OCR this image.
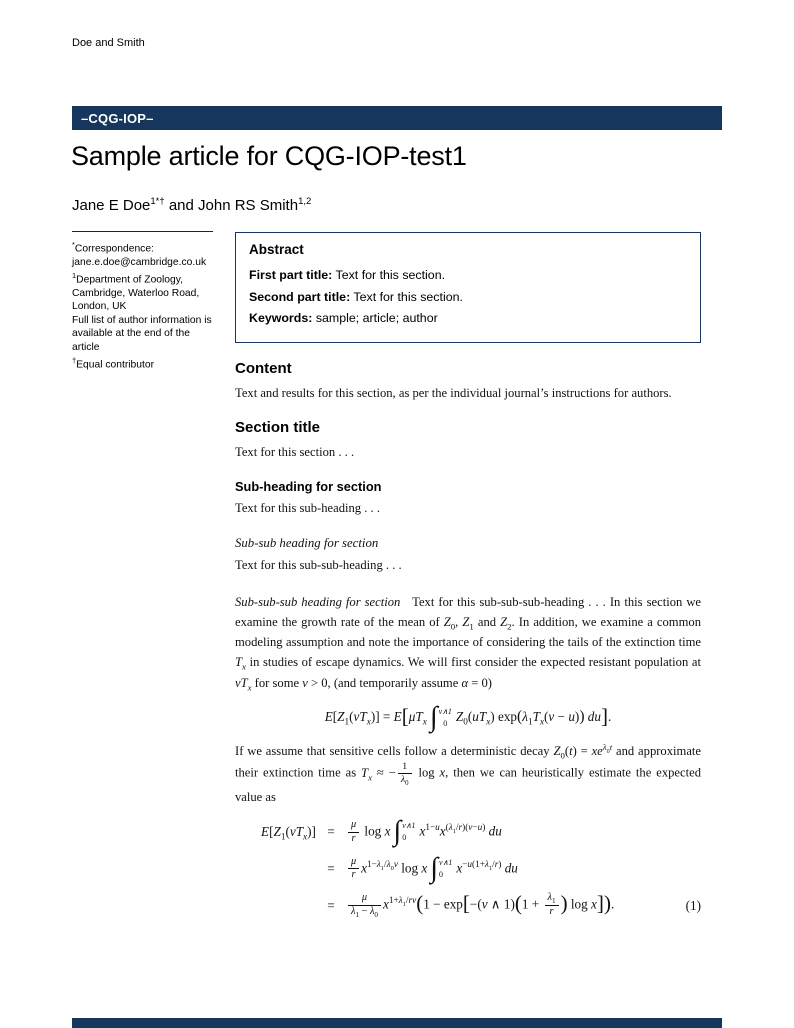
Doe and Smith
–CQG-IOP–
Sample article for CQG-IOP-test1
Jane E Doe$^{1*\dagger}$ and John RS Smith$^{1,2}$
*Correspondence:
jane.e.doe@cambridge.co.uk
$^1$Department of Zoology,
Cambridge, Waterloo Road,
London, UK
Full list of author information is
available at the end of the article
†Equal contributor
Abstract
First part title: Text for this section.
Second part title: Text for this section.
Keywords: sample; article; author
Content

Text and results for this section, as per the individual journal’s instructions for authors.

Section title

Text for this section . . .

Sub-heading for section

Text for this sub-heading . . .

Sub-sub heading for section

Text for this sub-sub-heading . . .

Sub-sub-sub heading for section Text for this sub-sub-sub-heading . . . In this section we examine the growth rate of the mean of $Z_0$, $Z_1$ and $Z_2$. In addition, we examine a common modeling assumption and note the importance of considering the tails of the extinction time $T_x$ in studies of escape dynamics. We will first consider the expected resistant population at $vT_x$ for some v > 0, (and temporarily assume α = 0)

$E[Z_1(vT_x)] = E[\mu T_x$ ∫ v∧1
0 $Z_0(uT_x) \exp(\lambda_1T_x(v - u))$ du].

If we assume that sensitive cells follow a deterministic decay $Z_0(t) = xe^{\lambda_0t}$ and approximate their extinction time as $T_x$ ≈ − $\frac{1}{\lambda_0}$ log x, then we can heuristically estimate the expected value as

$E[Z_1(vT_x)]$ =	$\frac{\mu}{r}$ log x ∫ v∧1
0	$x^{1-u}x^{(\lambda_1/r)(v-u)}$ du
=	$\frac{\mu}{r} x^{1-\lambda_1/\lambda_0v}$ log x ∫ v∧1
0	$x^{-u(1+\lambda_1/r)}$ du
=	$\frac{\mu}{\lambda_1 - \lambda_0} x^{1+\lambda_1/rv}(1 - \exp[-(v$ ∧ $1)(1 + \frac{\lambda_1}{r}$ ) log x]).	(1)
